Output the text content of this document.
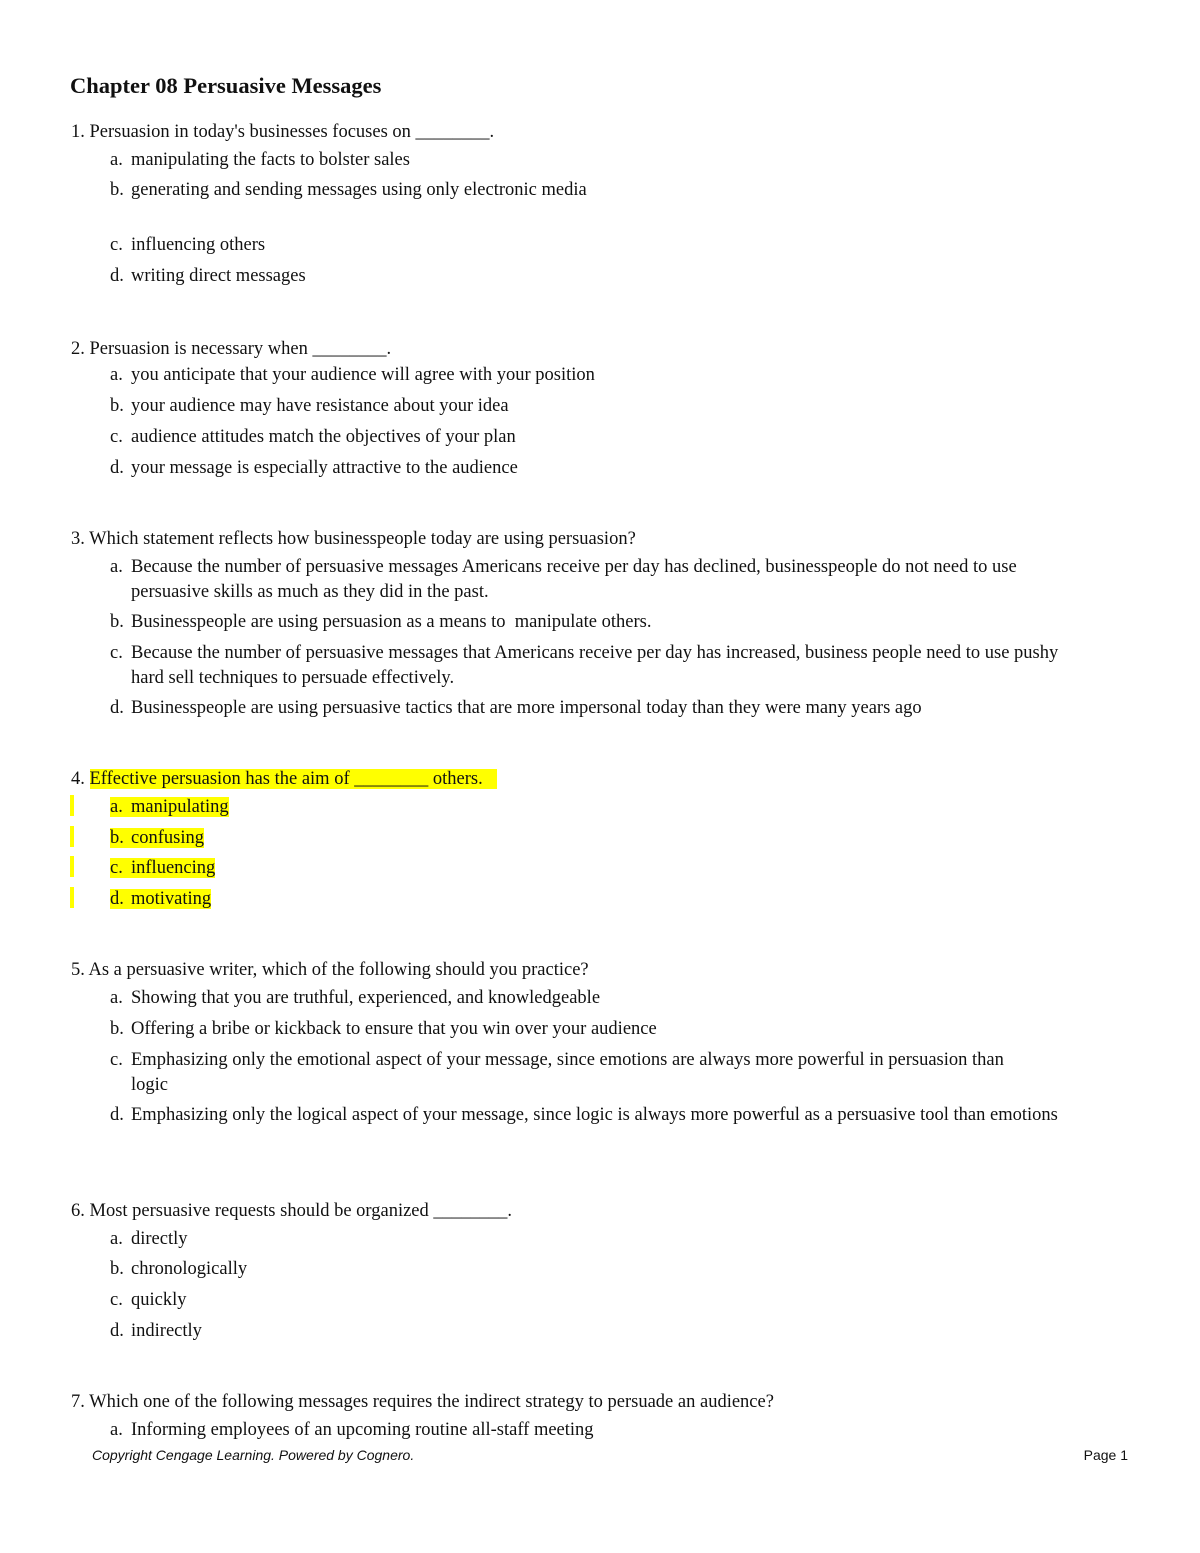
Chapter 08 Persuasive Messages
1. Persuasion in today's businesses focuses on ________.
a. manipulating the facts to bolster sales
b. generating and sending messages using only electronic media
c. influencing others
d. writing direct messages
2. Persuasion is necessary when ________.
a. you anticipate that your audience will agree with your position
b. your audience may have resistance about your idea
c. audience attitudes match the objectives of your plan
d. your message is especially attractive to the audience
3. Which statement reflects how businesspeople today are using persuasion?
a. Because the number of persuasive messages Americans receive per day has declined, businesspeople do not need to use persuasive skills as much as they did in the past.
b. Businesspeople are using persuasion as a means to  manipulate others.
c. Because the number of persuasive messages that Americans receive per day has increased, business people need to use pushy hard sell techniques to persuade effectively.
d. Businesspeople are using persuasive tactics that are more impersonal today than they were many years ago
4. Effective persuasion has the aim of ________ others.
a. manipulating
b. confusing
c. influencing
d. motivating
5. As a persuasive writer, which of the following should you practice?
a. Showing that you are truthful, experienced, and knowledgeable
b. Offering a bribe or kickback to ensure that you win over your audience
c. Emphasizing only the emotional aspect of your message, since emotions are always more powerful in persuasion than logic
d. Emphasizing only the logical aspect of your message, since logic is always more powerful as a persuasive tool than emotions
6. Most persuasive requests should be organized ________.
a. directly
b. chronologically
c. quickly
d. indirectly
7. Which one of the following messages requires the indirect strategy to persuade an audience?
a. Informing employees of an upcoming routine all-staff meeting
Copyright Cengage Learning. Powered by Cognero.	Page 1
